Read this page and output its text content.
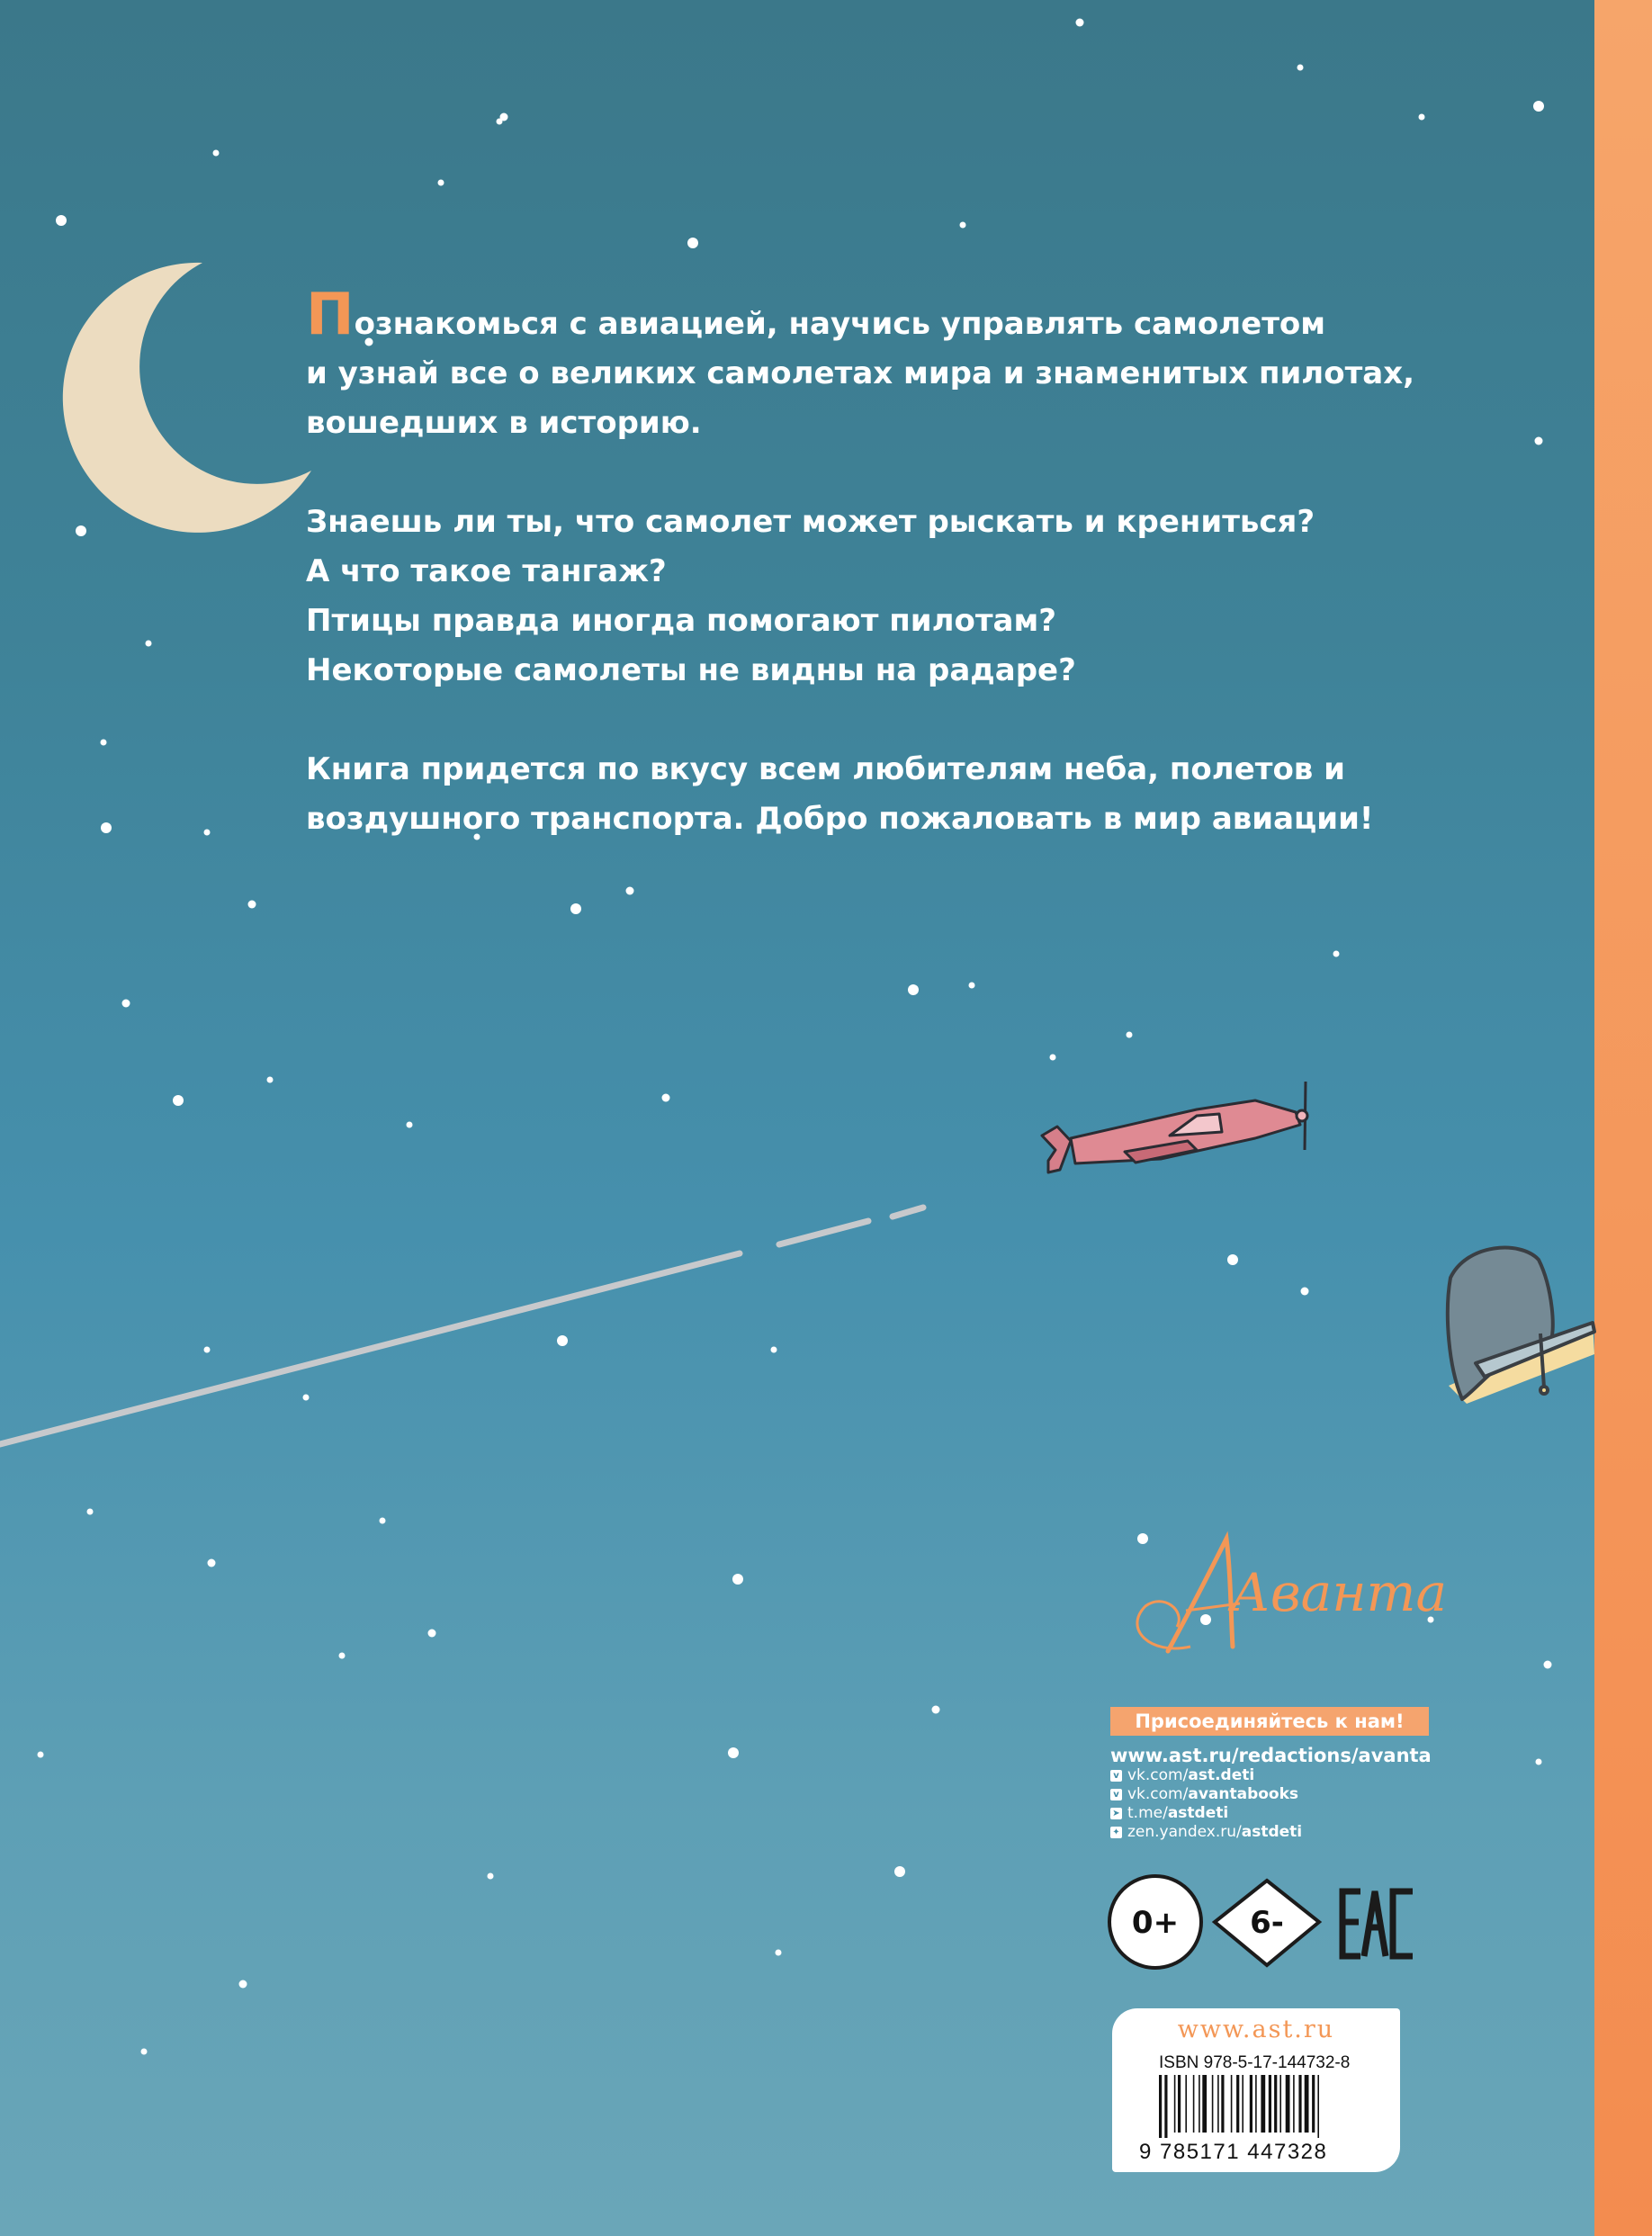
Познакомься с авиацией, научись управлять самолетом
и узнай все о великих самолетах мира и знаменитых пилотах,
вошедших в историю.

Знаешь ли ты, что самолет может рыскать и крениться?
А что такое тангаж?
Птицы правда иногда помогают пилотам?
Некоторые самолеты не видны на радаре?

Книга придется по вкусу всем любителям неба, полетов и
воздушного транспорта. Добро пожаловать в мир авиации!

Аванта
Присоединяйтесь к нам!
www.ast.ru/redactions/avanta
v vk.com/ ast.deti
v vk.com/ avantabooks
➤ t.me/ astdeti
✦ zen.yandex.ru/ astdeti
0+ 6-
www.ast.ru
ISBN 978-5-17-144732-8
9 785171 447328
